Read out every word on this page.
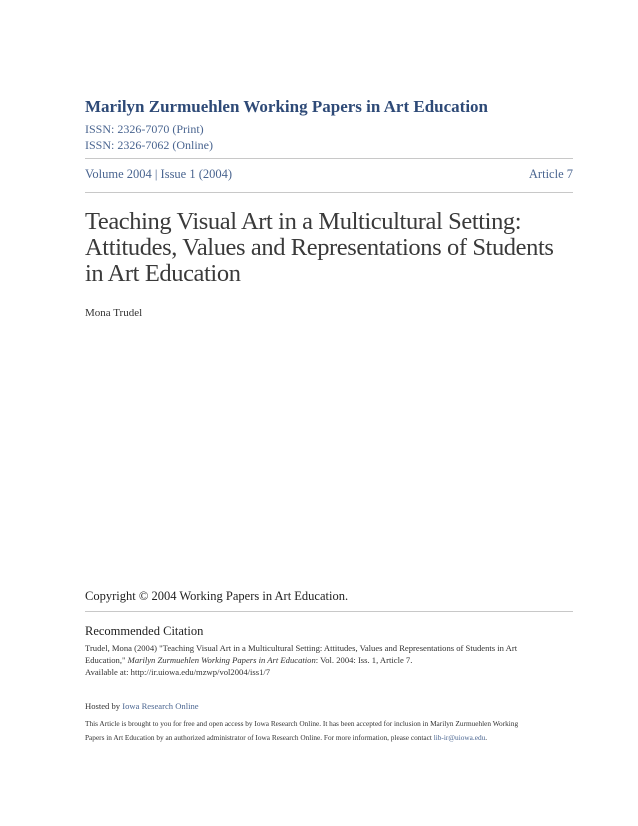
Marilyn Zurmuehlen Working Papers in Art Education
ISSN: 2326-7070 (Print)
ISSN: 2326-7062 (Online)
Volume 2004 | Issue 1 (2004)	Article 7
Teaching Visual Art in a Multicultural Setting:
Attitudes, Values and Representations of Students
in Art Education
Mona Trudel
Copyright © 2004 Working Papers in Art Education.
Recommended Citation
Trudel, Mona (2004) "Teaching Visual Art in a Multicultural Setting: Attitudes, Values and Representations of Students in Art
Education," Marilyn Zurmuehlen Working Papers in Art Education: Vol. 2004: Iss. 1, Article 7.
Available at: http://ir.uiowa.edu/mzwp/vol2004/iss1/7
Hosted by Iowa Research Online
This Article is brought to you for free and open access by Iowa Research Online. It has been accepted for inclusion in Marilyn Zurmuehlen Working
Papers in Art Education by an authorized administrator of Iowa Research Online. For more information, please contact lib-ir@uiowa.edu.
